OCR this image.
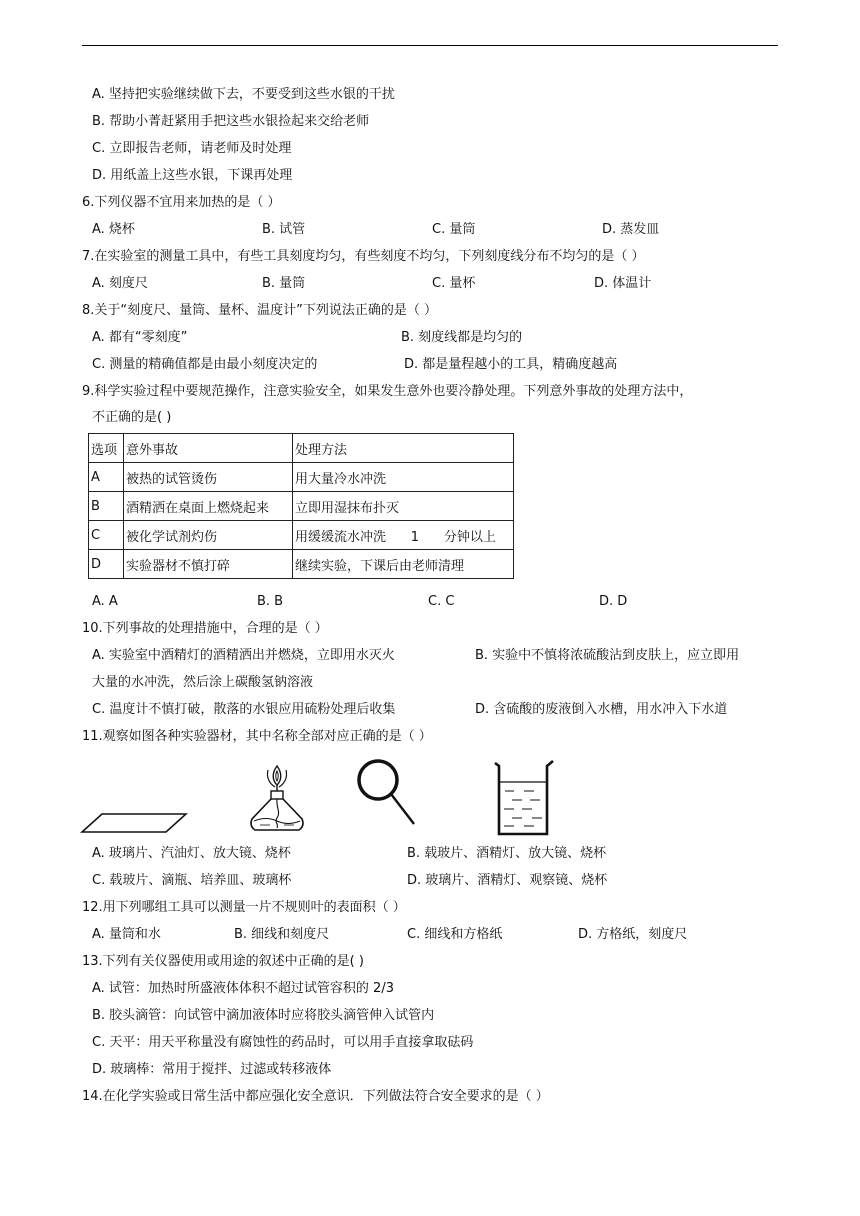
A. 坚持把实验继续做下去，不要受到这些水银的干扰
B. 帮助小菁赶紧用手把这些水银捡起来交给老师
C. 立即报告老师，请老师及时处理
D. 用纸盖上这些水银，下课再处理
6.下列仪器不宜用来加热的是（ ）
A. 烧杯	B. 试管	C. 量筒	D. 蒸发皿
7.在实验室的测量工具中，有些工具刻度均匀，有些刻度不均匀，下列刻度线分布不均匀的是（ ）
A. 刻度尺	B. 量筒	C. 量杯	D. 体温计
8.关于“刻度尺、量筒、量杯、温度计”下列说法正确的是（ ）
A. 都有“零刻度”	B. 刻度线都是均匀的
C. 测量的精确值都是由最小刻度决定的	D. 都是量程越小的工具，精确度越高
9.科学实验过程中要规范操作，注意实验安全，如果发生意外也要冷静处理。下列意外事故的处理方法中，
不正确的是( )
选项	意外事故	处理方法
A	被热的试管烫伤	用大量冷水冲洗
B	酒精洒在桌面上燃烧起来	立即用湿抹布扑灭
C	被化学试剂灼伤	用缓缓流水冲洗      1      分钟以上
D	实验器材不慎打碎	继续实验，下课后由老师清理
A. A	B. B	C. C	D. D
10.下列事故的处理措施中，合理的是（ ）
A. 实验室中酒精灯的酒精洒出并燃烧，立即用水灭火	B. 实验中不慎将浓硫酸沾到皮肤上，应立即用
大量的水冲洗，然后涂上碳酸氢钠溶液
C. 温度计不慎打破，散落的水银应用硫粉处理后收集	D. 含硫酸的废液倒入水槽，用水冲入下水道
11.观察如图各种实验器材，其中名称全部对应正确的是（ ）
A. 玻璃片、汽油灯、放大镜、烧杯	B. 载玻片、酒精灯、放大镜、烧杯
C. 载玻片、滴瓶、培养皿、玻璃杯	D. 玻璃片、酒精灯、观察镜、烧杯
12.用下列哪组工具可以测量一片不规则叶的表面积（ ）
A. 量筒和水	B. 细线和刻度尺	C. 细线和方格纸	D. 方格纸，刻度尺
13.下列有关仪器使用或用途的叙述中正确的是( )
A. 试管：加热时所盛液体体积不超过试管容积的 2/3
B. 胶头滴管：向试管中滴加液体时应将胶头滴管伸入试管内
C. 天平：用天平称量没有腐蚀性的药品时，可以用手直接拿取砝码
D. 玻璃棒：常用于搅拌、过滤或转移液体
14.在化学实验或日常生活中都应强化安全意识．下列做法符合安全要求的是（ ）
